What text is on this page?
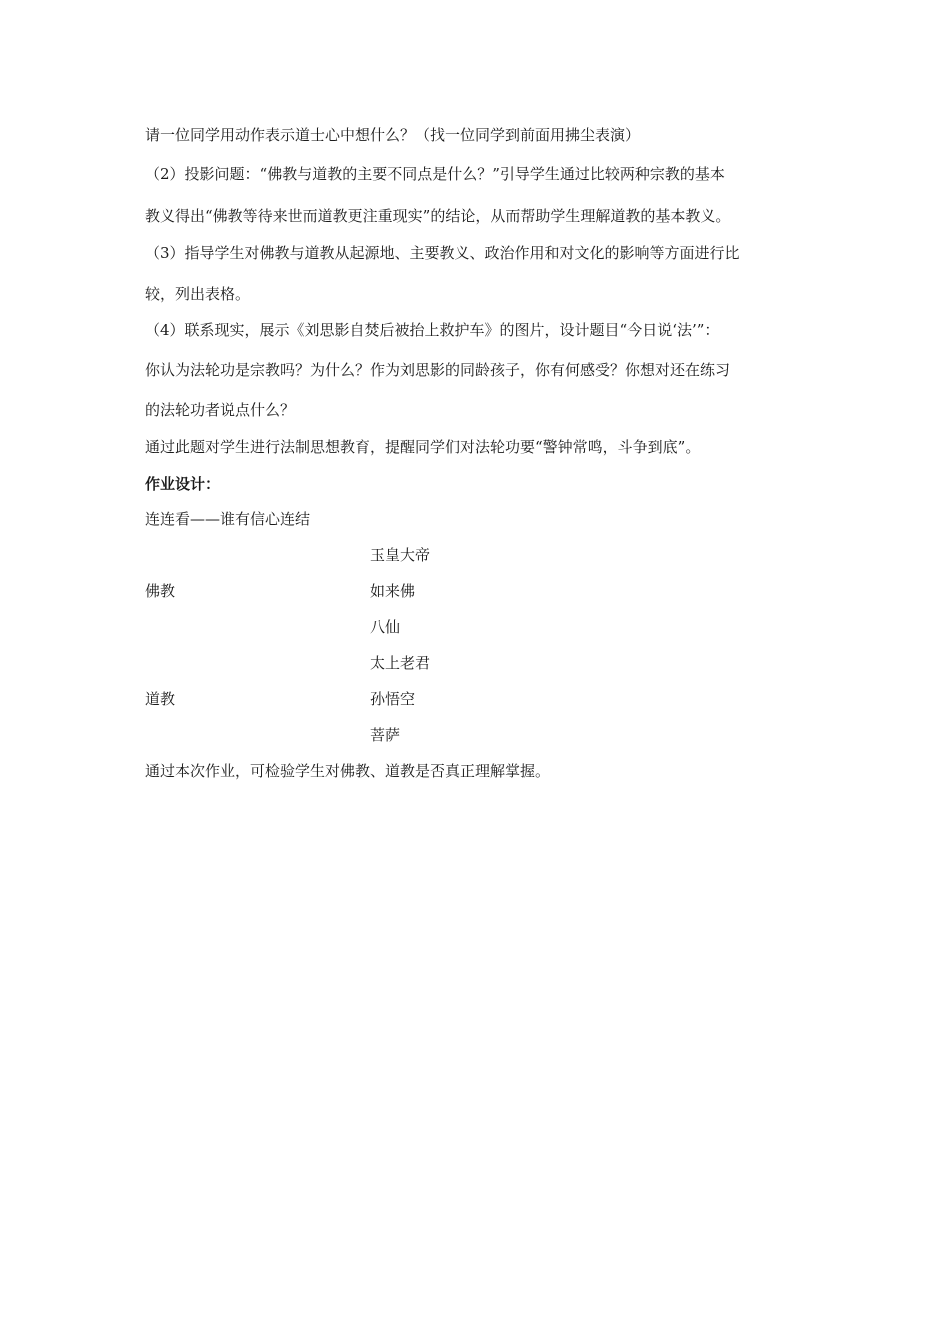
请一位同学用动作表示道士心中想什么？（找一位同学到前面用拂尘表演）
（2）投影问题：“佛教与道教的主要不同点是什么？”引导学生通过比较两种宗教的基本
教义得出“佛教等待来世而道教更注重现实”的结论，从而帮助学生理解道教的基本教义。
（3）指导学生对佛教与道教从起源地、主要教义、政治作用和对文化的影响等方面进行比
较，列出表格。
（4）联系现实，展示《刘思影自焚后被抬上救护车》的图片，设计题目“今日说‘法’”：
你认为法轮功是宗教吗？为什么？作为刘思影的同龄孩子，你有何感受？你想对还在练习
的法轮功者说点什么？
通过此题对学生进行法制思想教育，提醒同学们对法轮功要“警钟常鸣，斗争到底”。
作业设计：
连连看——谁有信心连结
玉皇大帝
佛教	如来佛
八仙
太上老君
道教	孙悟空
菩萨
通过本次作业，可检验学生对佛教、道教是否真正理解掌握。
